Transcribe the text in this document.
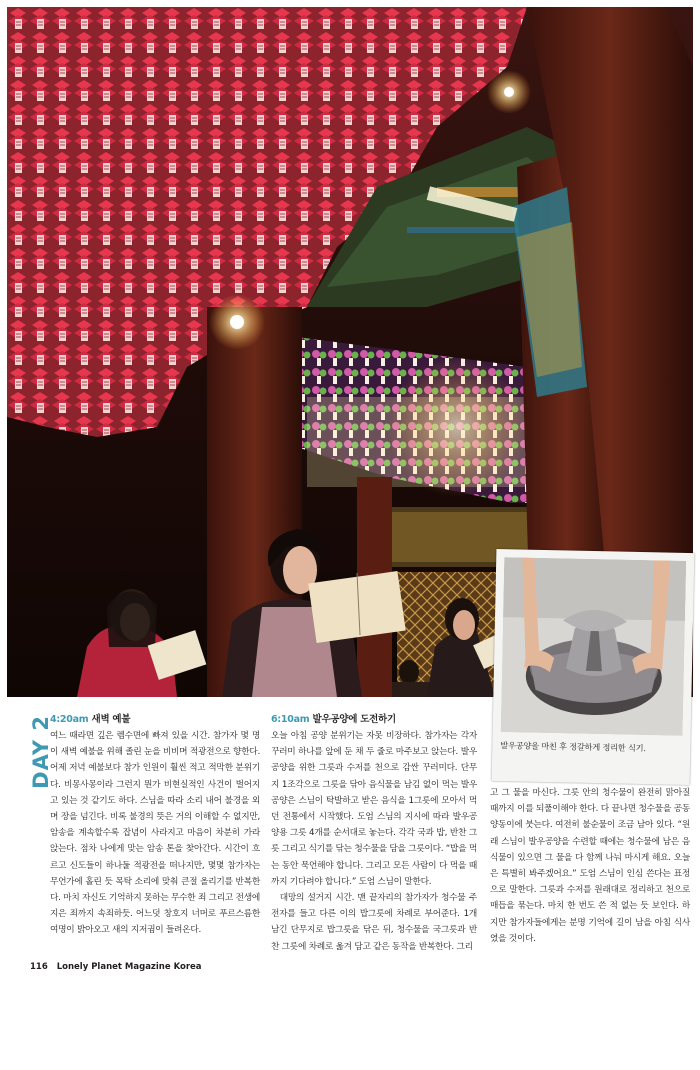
발우공양을 마친 후 정갈하게 정리한 식기.
DAY 2
4:20am 새벽 예불

여느 때라면 깊은 렘수면에 빠져 있을 시간. 참가자 몇 명이 새벽 예불을 위해 졸린 눈을 비비며 적광전으로 향한다. 어제 저녁 예불보다 참가 인원이 훨씬 적고 적막한 분위기다. 비몽사몽이라 그런지 뭔가 비현실적인 사건이 벌어지고 있는 것 같기도 하다. 스님을 따라 소리 내어 불경을 외며 장을 넘긴다. 비록 불경의 뜻은 거의 이해할 수 없지만, 암송을 계속할수록 잡념이 사라지고 마음이 차분히 가라앉는다. 점차 나에게 맞는 암송 톤을 찾아간다. 시간이 흐르고 신도들이 하나둘 적광전을 떠나지만, 몇몇 참가자는 무언가에 홀린 듯 목탁 소리에 맞춰 큰절 올리기를 반복한다. 마치 자신도 기억하지 못하는 무수한 죄 그리고 전생에 지은 죄까지 속죄하듯. 어느덧 창호지 너머로 푸르스름한 여명이 밝아오고 새의 지저귐이 들려온다.

6:10am 발우공양에 도전하기

오늘 아침 공양 분위기는 자못 비장하다. 참가자는 각자 꾸러미 하나를 앞에 둔 채 두 줄로 마주보고 앉는다. 발우공양을 위한 그릇과 수저를 천으로 감싼 꾸러미다. 단무지 1조각으로 그릇을 닦아 음식물을 남김 없이 먹는 발우공양은 스님이 탁발하고 받은 음식을 1그릇에 모아서 먹던 전통에서 시작했다. 도엄 스님의 지시에 따라 발우공양용 그릇 4개를 순서대로 놓는다. 각각 국과 밥, 반찬 그릇 그리고 식기를 닦는 청수물을 담을 그릇이다. “밥을 먹는 동안 묵언해야 합니다. 그리고 모든 사람이 다 먹을 때까지 기다려야 합니다.” 도엄 스님이 말한다.

대망의 설거지 시간. 맨 끝자리의 참가자가 청수물 주전자를 들고 다른 이의 밥그릇에 차례로 부어준다. 1개 남긴 단무지로 밥그릇을 닦은 뒤, 청수물을 국그릇과 반찬 그릇에 차례로 옮겨 담고 같은 동작을 반복한다. 그리

고 그 물을 마신다. 그릇 안의 청수물이 완전히 맑아질 때까지 이를 되풀이해야 한다. 다 끝나면 청수물을 공동 양동이에 붓는다. 여전히 불순물이 조금 남아 있다. “원래 스님이 발우공양을 수련할 때에는 청수물에 남은 음식물이 있으면 그 물을 다 함께 나눠 마시게 해요. 오늘은 특별히 봐주겠어요.” 도엄 스님이 인심 쓴다는 표정으로 말한다. 그릇과 수저를 원래대로 정리하고 천으로 매듭을 묶는다. 마치 한 번도 쓴 적 없는 듯 보인다. 하지만 참가자들에게는 분명 기억에 길이 남을 아침 식사였을 것이다.

116 Lonely Planet Magazine Korea
